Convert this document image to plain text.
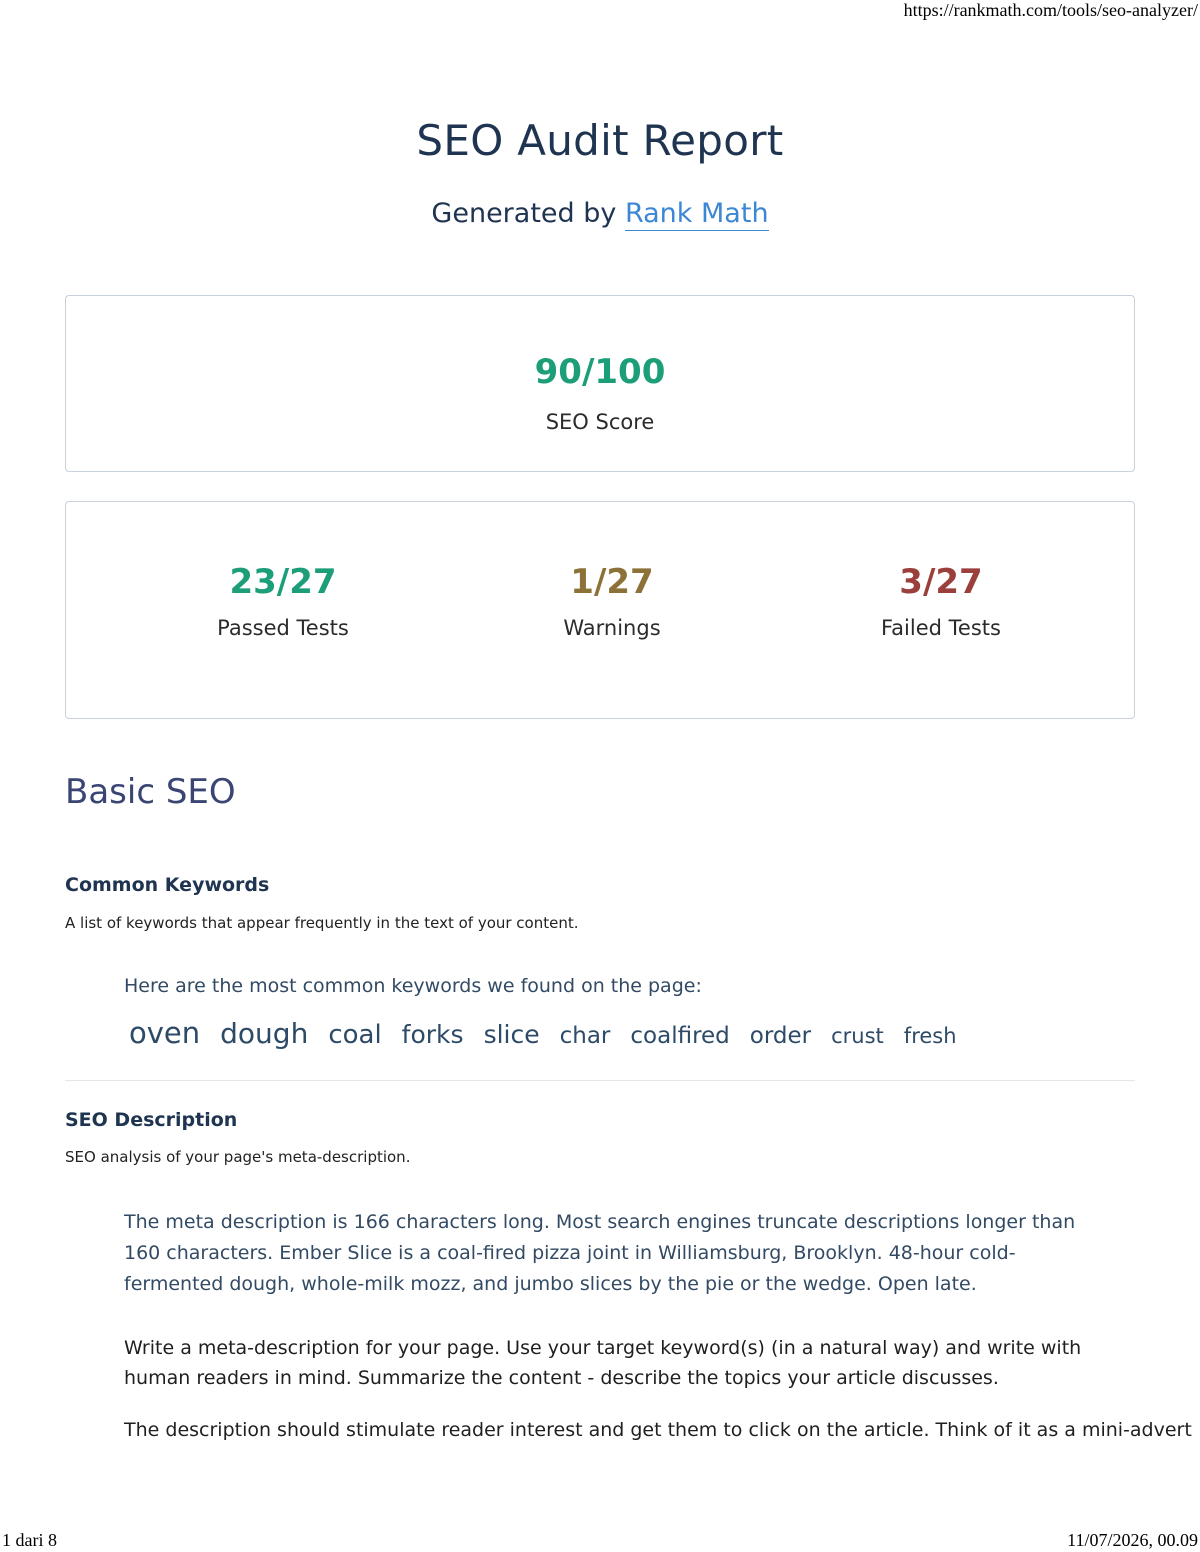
https://rankmath.com/tools/seo-analyzer/
SEO Audit Report
Generated by Rank Math
90/100
SEO Score
23/27
Passed Tests
1/27
Warnings
3/27
Failed Tests
Basic SEO
Common Keywords
A list of keywords that appear frequently in the text of your content.
Here are the most common keywords we found on the page:
oven dough coal forks slice char coalfired order crust fresh
SEO Description
SEO analysis of your page's meta-description.
The meta description is 166 characters long. Most search engines truncate descriptions longer than 160 characters. Ember Slice is a coal-fired pizza joint in Williamsburg, Brooklyn. 48-hour cold-fermented dough, whole-milk mozz, and jumbo slices by the pie or the wedge. Open late.
Write a meta-description for your page. Use your target keyword(s) (in a natural way) and write with human readers in mind. Summarize the content - describe the topics your article discusses.
The description should stimulate reader interest and get them to click on the article. Think of it as a mini-advert
1 dari 8	11/07/2026, 00.09
